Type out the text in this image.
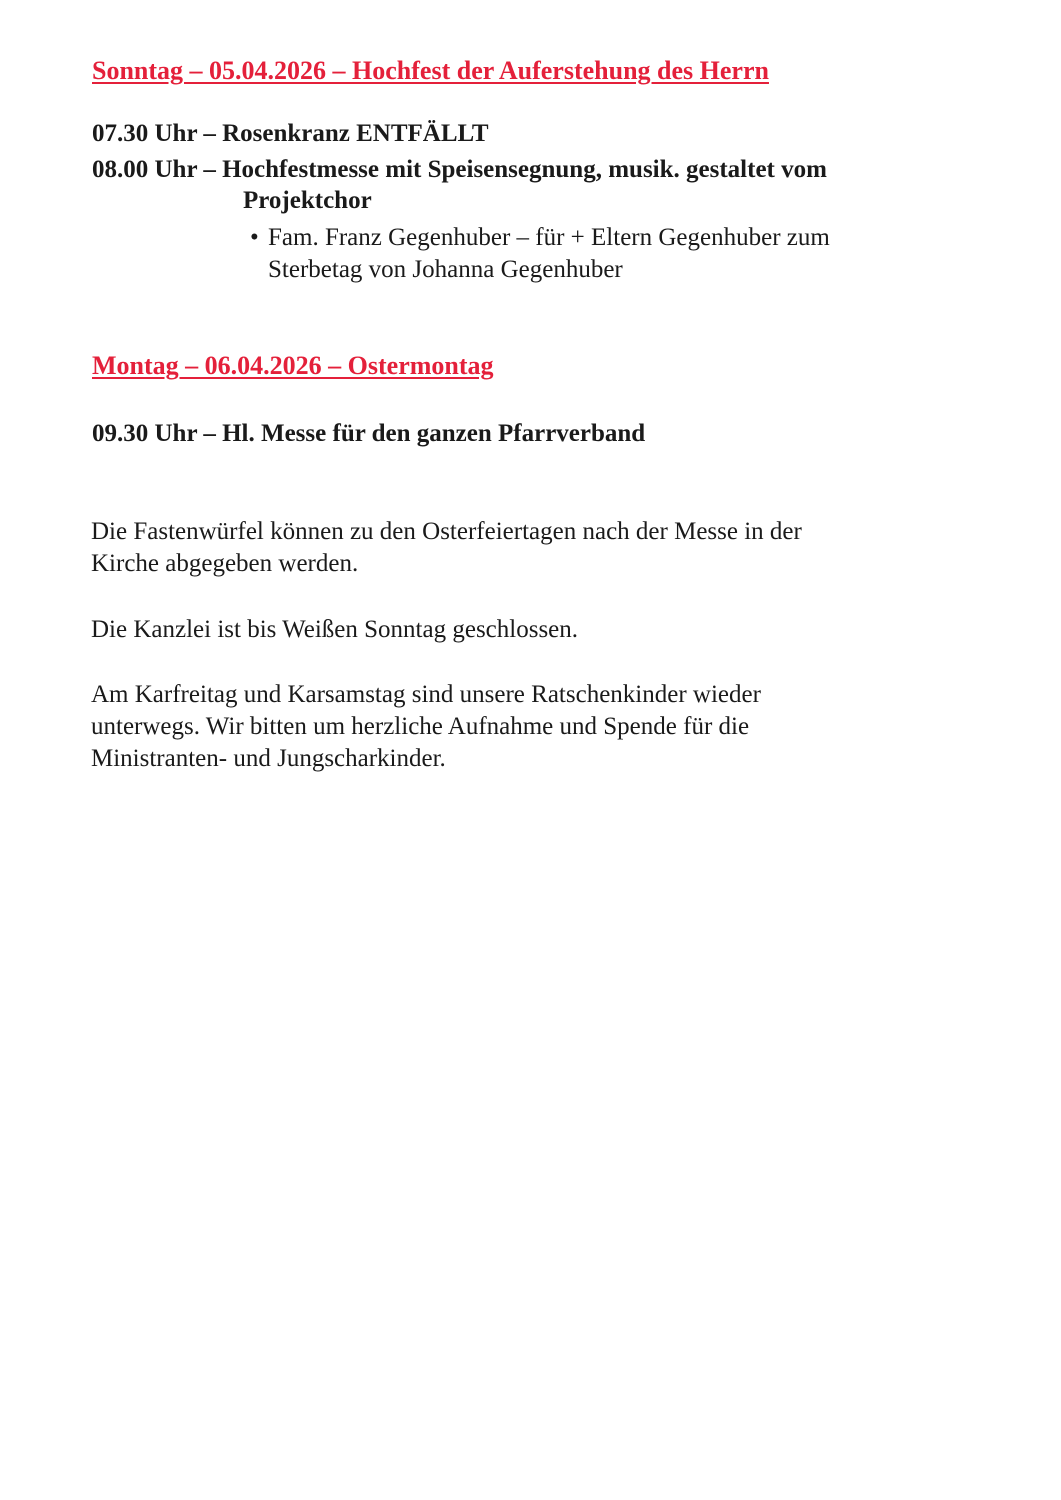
Sonntag – 05.04.2026 – Hochfest der Auferstehung des Herrn
07.30 Uhr – Rosenkranz ENTFÄLLT
08.00 Uhr – Hochfestmesse mit Speisensegnung, musik. gestaltet vom
Projektchor
• Fam. Franz Gegenhuber – für + Eltern Gegenhuber zum
Sterbetag von Johanna Gegenhuber
Montag – 06.04.2026 – Ostermontag
09.30 Uhr – Hl. Messe für den ganzen Pfarrverband
Die Fastenwürfel können zu den Osterfeiertagen nach der Messe in der
Kirche abgegeben werden.
Die Kanzlei ist bis Weißen Sonntag geschlossen.
Am Karfreitag und Karsamstag sind unsere Ratschenkinder wieder
unterwegs. Wir bitten um herzliche Aufnahme und Spende für die
Ministranten- und Jungscharkinder.
